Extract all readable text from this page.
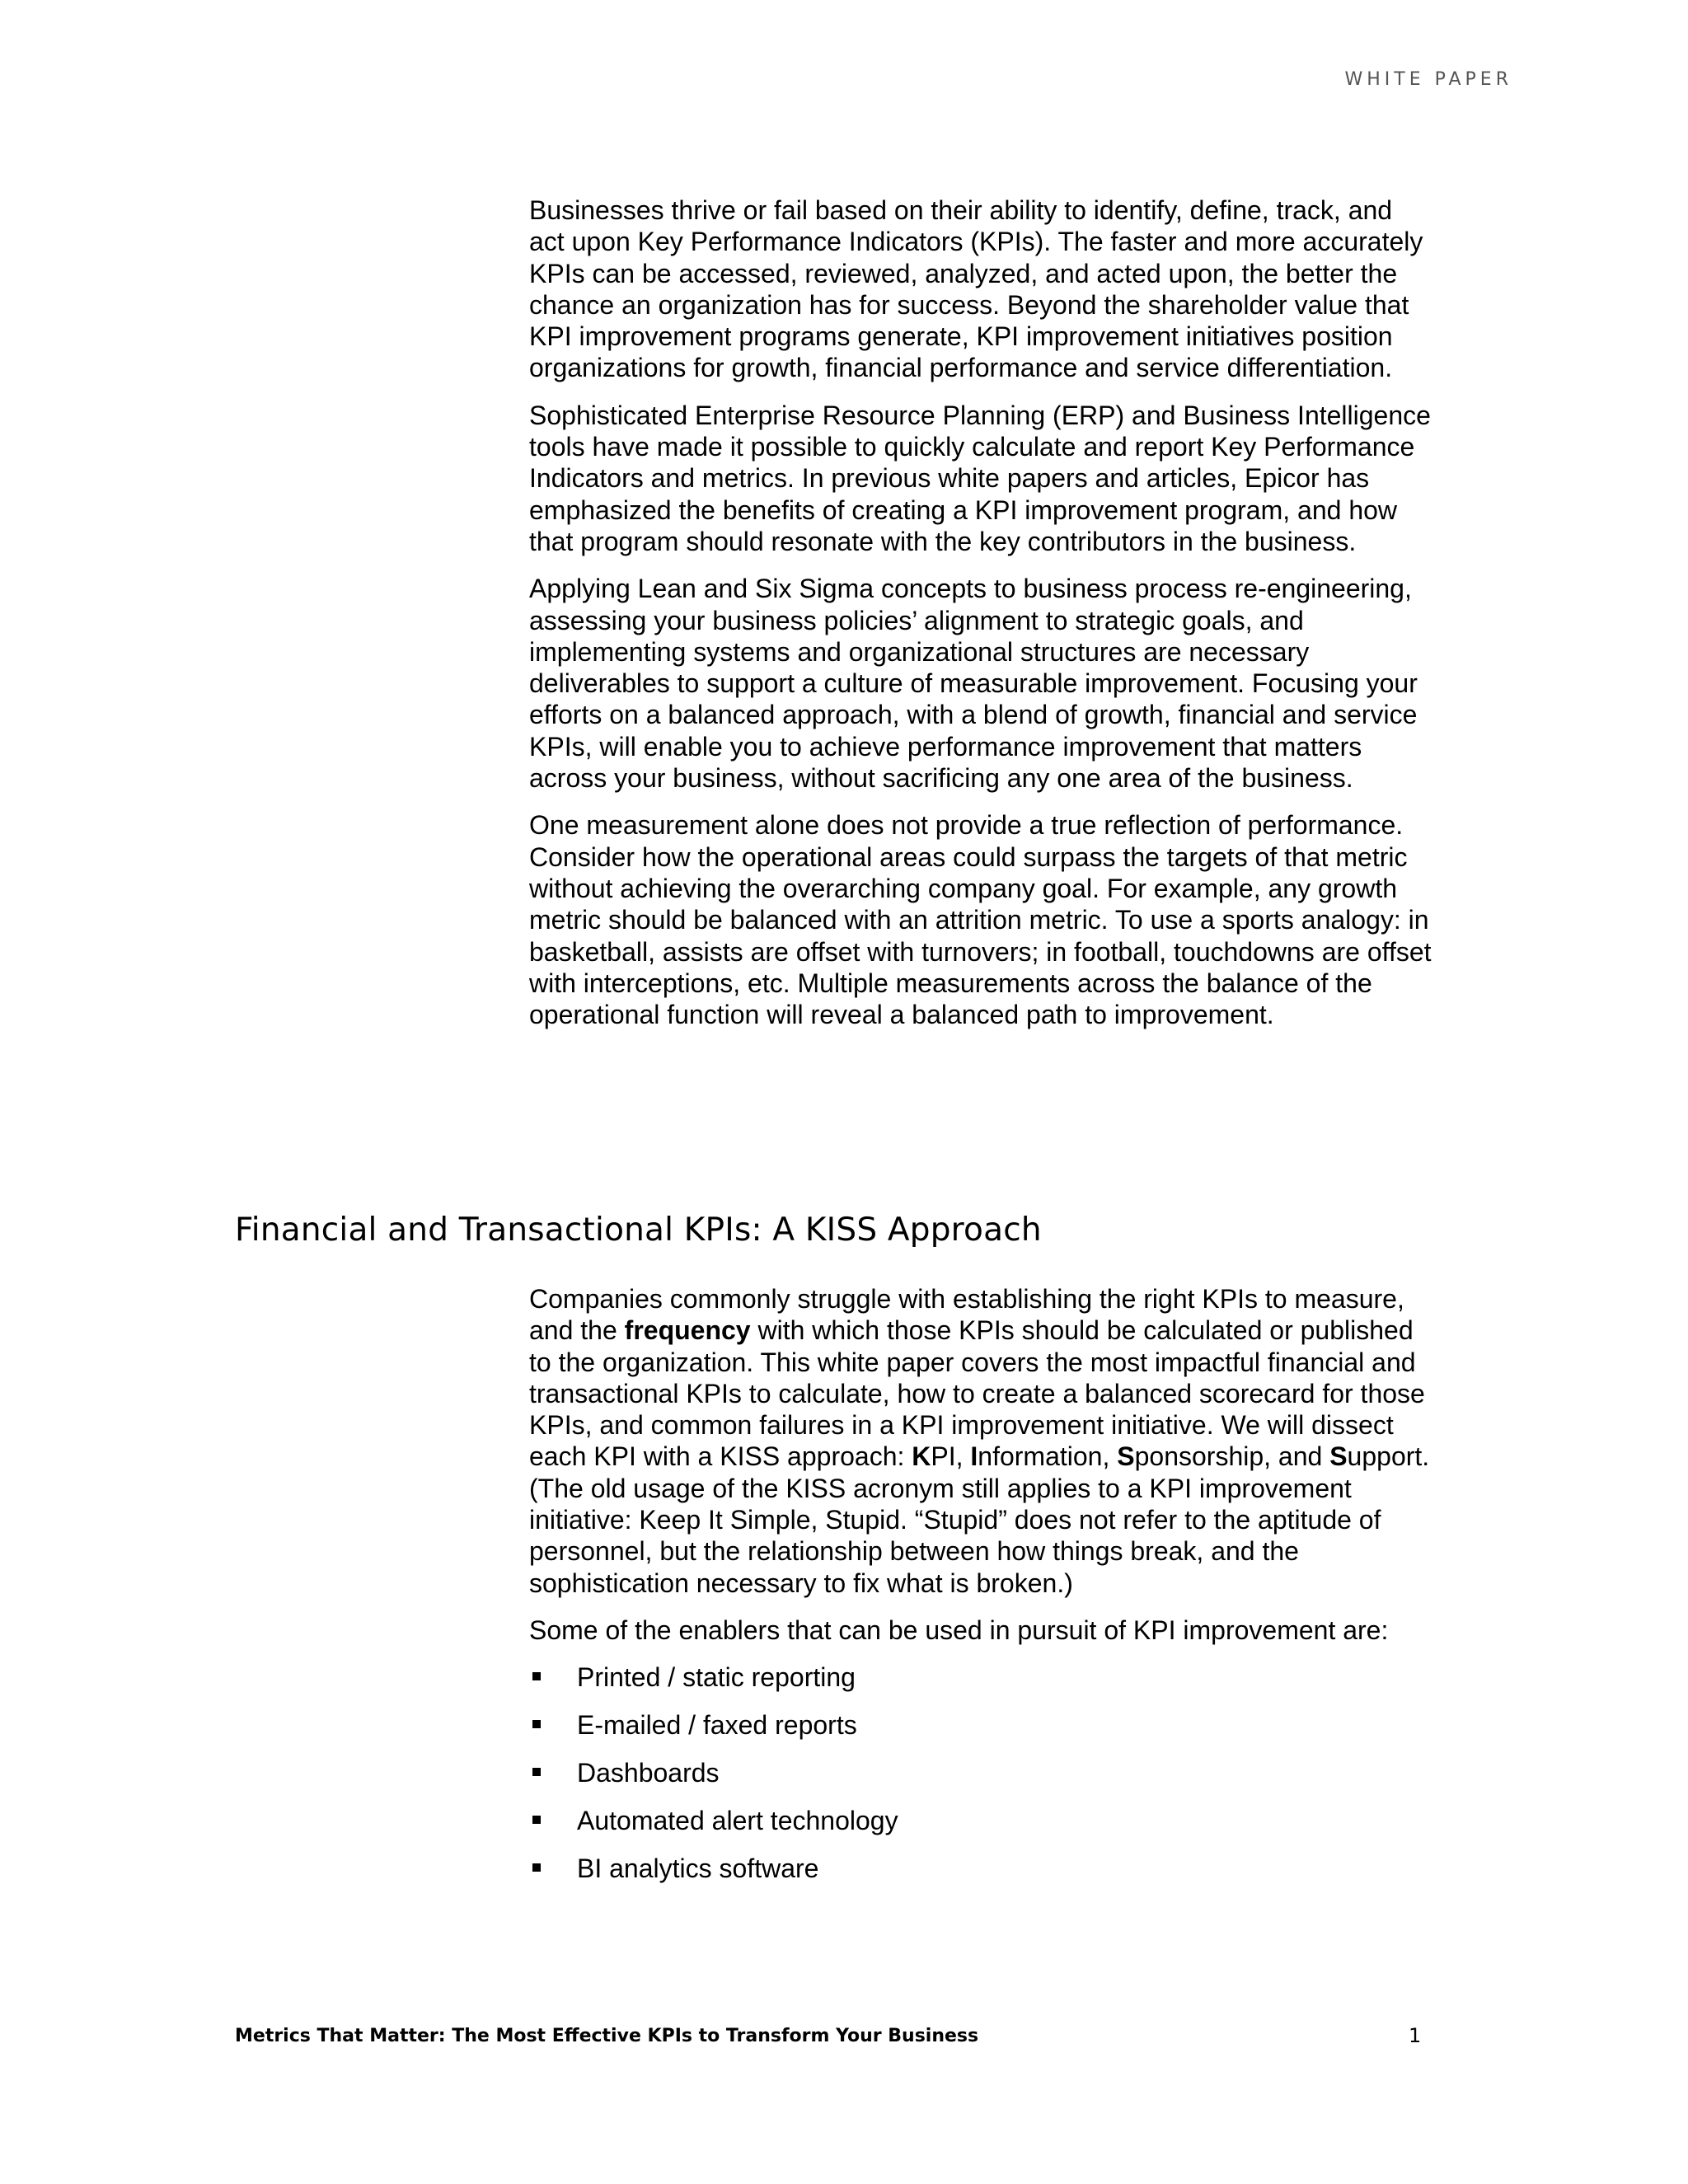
WHITE PAPER

Businesses thrive or fail based on their ability to identify, define, track, and act upon Key Performance Indicators (KPIs). The faster and more accurately KPIs can be accessed, reviewed, analyzed, and acted upon, the better the chance an organization has for success. Beyond the shareholder value that KPI improvement programs generate, KPI improvement initiatives position organizations for growth, financial performance and service differentiation.

Sophisticated Enterprise Resource Planning (ERP) and Business Intelligence tools have made it possible to quickly calculate and report Key Performance Indicators and metrics. In previous white papers and articles, Epicor has emphasized the benefits of creating a KPI improvement program, and how that program should resonate with the key contributors in the business.

Applying Lean and Six Sigma concepts to business process re-engineering, assessing your business policies’ alignment to strategic goals, and implementing systems and organizational structures are necessary deliverables to support a culture of measurable improvement. Focusing your efforts on a balanced approach, with a blend of growth, financial and service KPIs, will enable you to achieve performance improvement that matters across your business, without sacrificing any one area of the business.

One measurement alone does not provide a true reflection of performance. Consider how the operational areas could surpass the targets of that metric without achieving the overarching company goal. For example, any growth metric should be balanced with an attrition metric. To use a sports analogy: in basketball, assists are offset with turnovers; in football, touchdowns are offset with interceptions, etc. Multiple measurements across the balance of the operational function will reveal a balanced path to improvement.

Financial and Transactional KPIs: A KISS Approach

Companies commonly struggle with establishing the right KPIs to measure, and the frequency with which those KPIs should be calculated or published to the organization. This white paper covers the most impactful financial and transactional KPIs to calculate, how to create a balanced scorecard for those KPIs, and common failures in a KPI improvement initiative. We will dissect each KPI with a KISS approach: KPI, Information, Sponsorship, and Support. (The old usage of the KISS acronym still applies to a KPI improvement initiative: Keep It Simple, Stupid. “Stupid” does not refer to the aptitude of personnel, but the relationship between how things break, and the sophistication necessary to fix what is broken.)

Some of the enablers that can be used in pursuit of KPI improvement are:

Printed / static reporting
E-mailed / faxed reports
Dashboards
Automated alert technology
BI analytics software
Metrics That Matter: The Most Effective KPIs to Transform Your Business	1
